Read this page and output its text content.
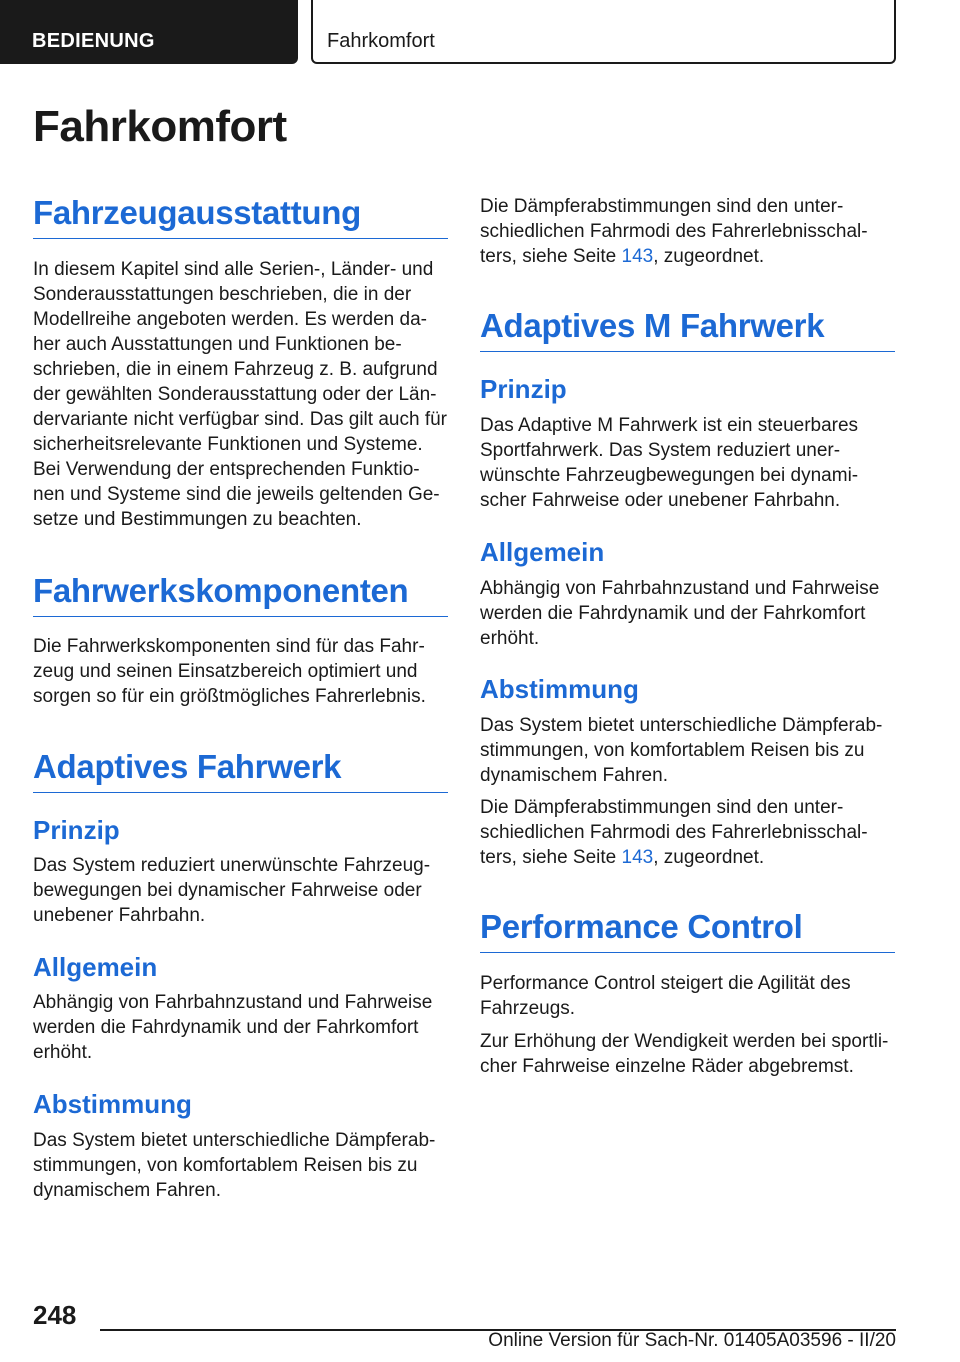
BEDIENUNG	Fahrkomfort
Fahrkomfort
Fahrzeugausstattung
In diesem Kapitel sind alle Serien-, Länder- und
Sonderausstattungen beschrieben, die in der
Modellreihe angeboten werden. Es werden da-
her auch Ausstattungen und Funktionen be-
schrieben, die in einem Fahrzeug z. B. aufgrund
der gewählten Sonderausstattung oder der Län-
dervariante nicht verfügbar sind. Das gilt auch für
sicherheitsrelevante Funktionen und Systeme.
Bei Verwendung der entsprechenden Funktio-
nen und Systeme sind die jeweils geltenden Ge-
setze und Bestimmungen zu beachten.
Fahrwerkskomponenten
Die Fahrwerkskomponenten sind für das Fahr-
zeug und seinen Einsatzbereich optimiert und
sorgen so für ein größtmögliches Fahrerlebnis.
Adaptives Fahrwerk
Prinzip
Das System reduziert unerwünschte Fahrzeug-
bewegungen bei dynamischer Fahrweise oder
unebener Fahrbahn.
Allgemein
Abhängig von Fahrbahnzustand und Fahrweise
werden die Fahrdynamik und der Fahrkomfort
erhöht.
Abstimmung
Das System bietet unterschiedliche Dämpferab-
stimmungen, von komfortablem Reisen bis zu
dynamischem Fahren.
Die Dämpferabstimmungen sind den unter-
schiedlichen Fahrmodi des Fahrerlebnisschal-
ters, siehe Seite 143, zugeordnet.
Adaptives M Fahrwerk
Prinzip
Das Adaptive M Fahrwerk ist ein steuerbares
Sportfahrwerk. Das System reduziert uner-
wünschte Fahrzeugbewegungen bei dynami-
scher Fahrweise oder unebener Fahrbahn.
Allgemein
Abhängig von Fahrbahnzustand und Fahrweise
werden die Fahrdynamik und der Fahrkomfort
erhöht.
Abstimmung
Das System bietet unterschiedliche Dämpferab-
stimmungen, von komfortablem Reisen bis zu
dynamischem Fahren.
Die Dämpferabstimmungen sind den unter-
schiedlichen Fahrmodi des Fahrerlebnisschal-
ters, siehe Seite 143, zugeordnet.
Performance Control
Performance Control steigert die Agilität des
Fahrzeugs.
Zur Erhöhung der Wendigkeit werden bei sportli-
cher Fahrweise einzelne Räder abgebremst.
248
Online Version für Sach-Nr. 01405A03596 - II/20
